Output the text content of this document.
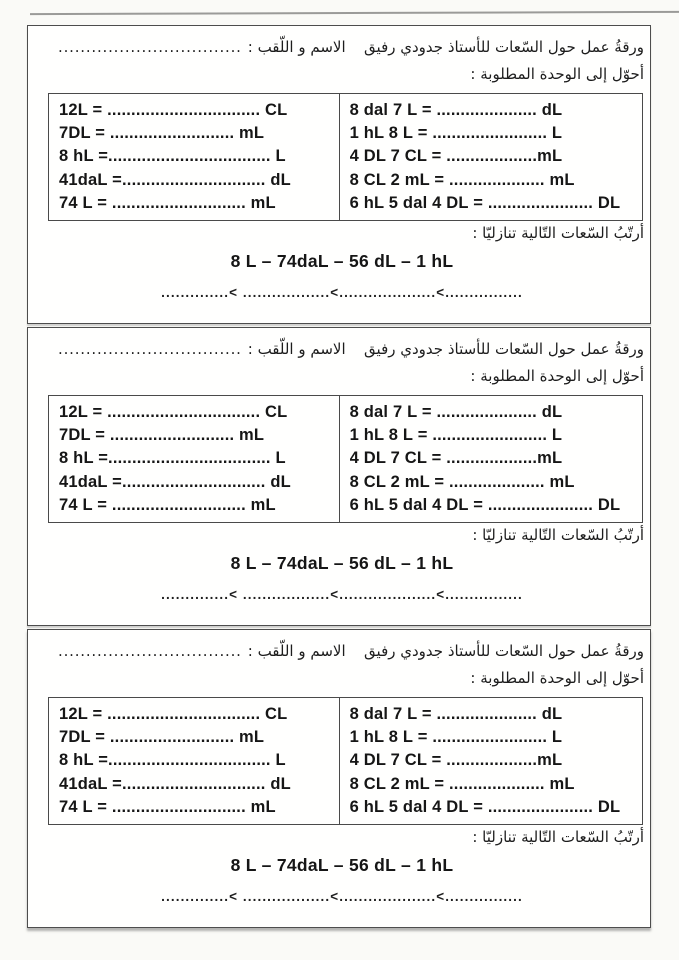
ورقةُ عمل حول السّعات للأستاذ جدودي رفيق
الاسم و اللّقب :
.................................
أحوّل إلى الوحدة المطلوبة :
12L = ................................ CL
7DL = .......................... mL
8 hL =.................................. L
41daL =.............................. dL
74 L = ............................ mL
8 dal 7 L = ..................... dL
1 hL 8 L = ........................ L
4 DL 7 CL = ...................mL
8 CL 2 mL = .................... mL
6 hL 5 dal 4 DL = ...................... DL
أرتّبُ السّعات التّالية تنازليّا :
8 L – 74daL – 56 dL – 1 hL
..............< ..................<....................<................
ورقةُ عمل حول السّعات للأستاذ جدودي رفيق
الاسم و اللّقب :
.................................
أحوّل إلى الوحدة المطلوبة :
12L = ................................ CL
7DL = .......................... mL
8 hL =.................................. L
41daL =.............................. dL
74 L = ............................ mL
8 dal 7 L = ..................... dL
1 hL 8 L = ........................ L
4 DL 7 CL = ...................mL
8 CL 2 mL = .................... mL
6 hL 5 dal 4 DL = ...................... DL
أرتّبُ السّعات التّالية تنازليّا :
8 L – 74daL – 56 dL – 1 hL
..............< ..................<....................<................
ورقةُ عمل حول السّعات للأستاذ جدودي رفيق
الاسم و اللّقب :
.................................
أحوّل إلى الوحدة المطلوبة :
12L = ................................ CL
7DL = .......................... mL
8 hL =.................................. L
41daL =.............................. dL
74 L = ............................ mL
8 dal 7 L = ..................... dL
1 hL 8 L = ........................ L
4 DL 7 CL = ...................mL
8 CL 2 mL = .................... mL
6 hL 5 dal 4 DL = ...................... DL
أرتّبُ السّعات التّالية تنازليّا :
8 L – 74daL – 56 dL – 1 hL
..............< ..................<....................<................
